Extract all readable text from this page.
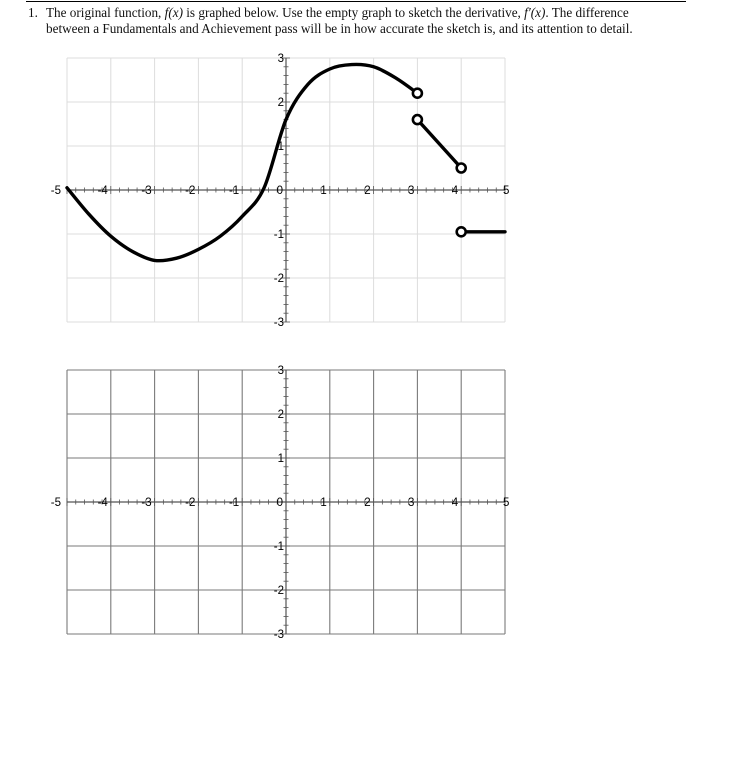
1. The original function, f(x) is graphed below. Use the empty graph to sketch the derivative, f′(x). The difference
between a Fundamentals and Achievement pass will be in how accurate the sketch is, and its attention to detail.
-5	-4	-3	-2	-1	0	1	2	3	4	5
3
2
1
-1
-2
-3
-5	-4	-3	-2	-1	0	1	2	3	4	5
3
2
1
-1
-2
-3
